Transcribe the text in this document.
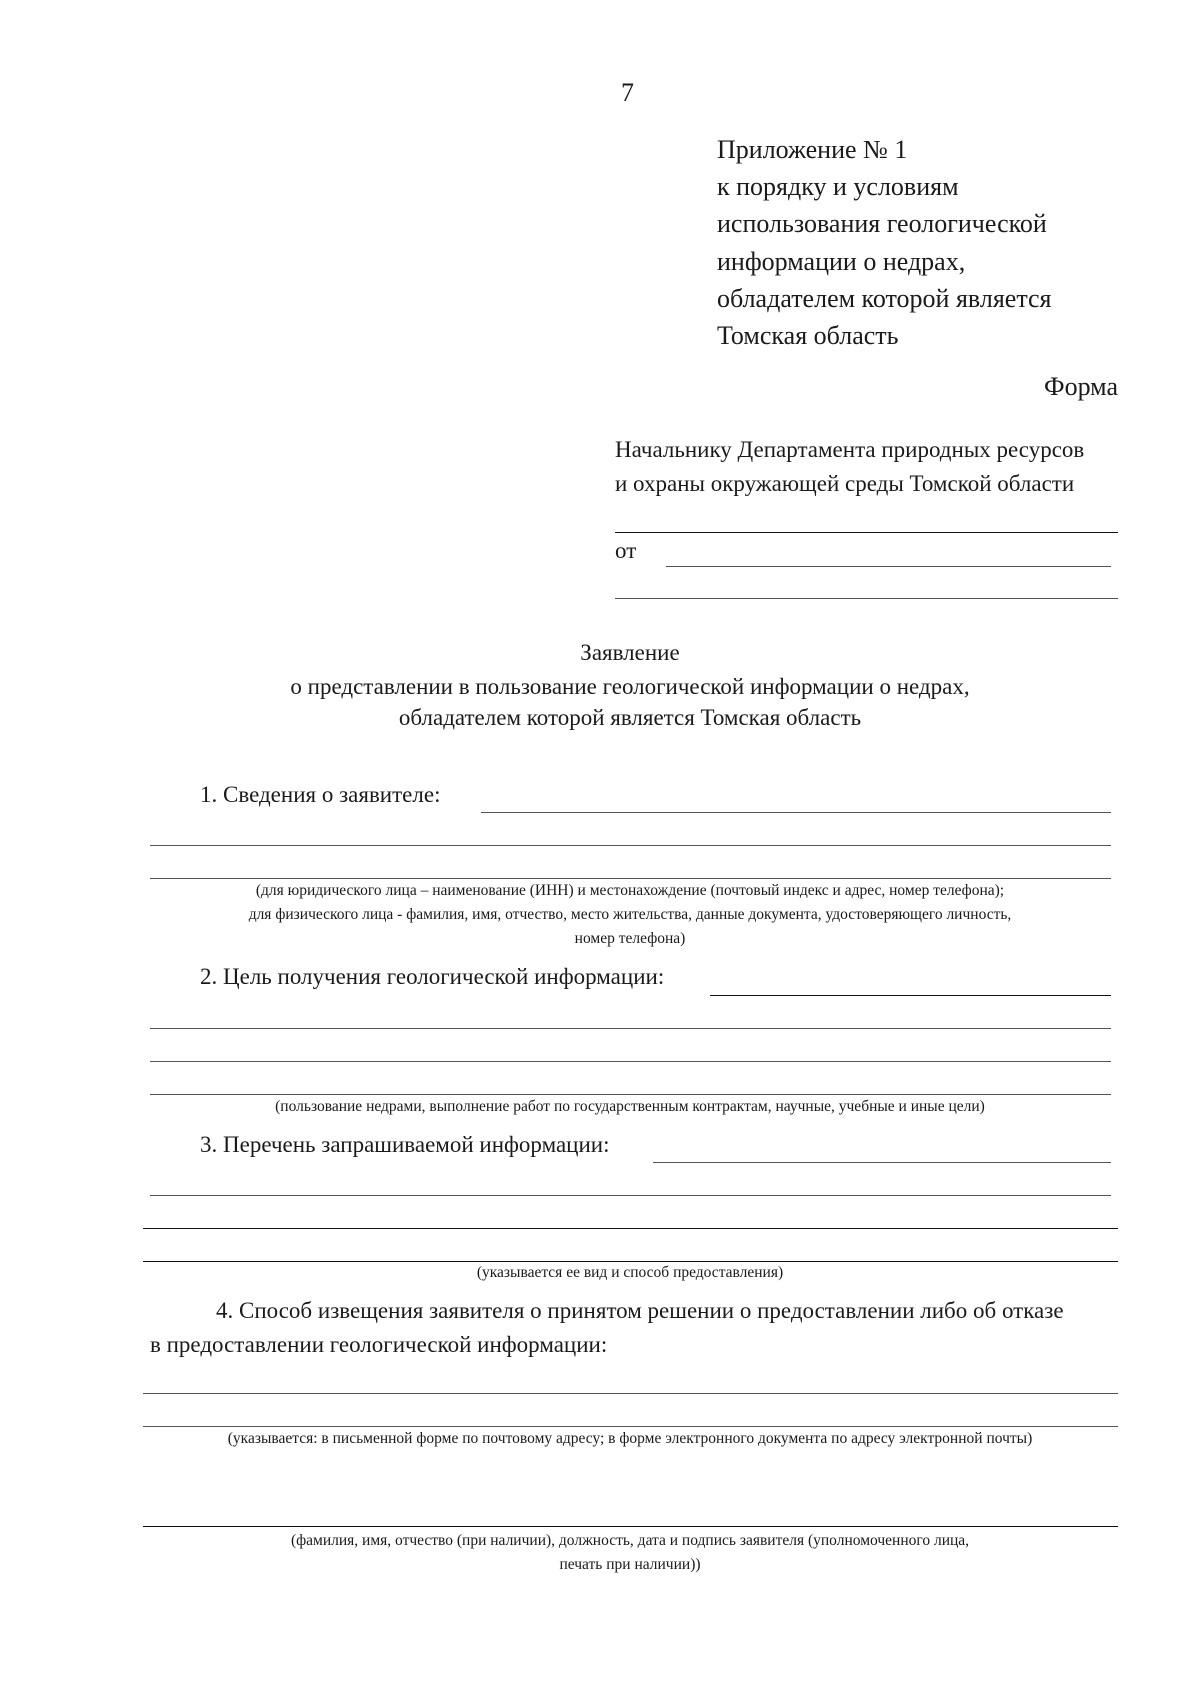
7
Приложение № 1
к порядку и условиям
использования геологической
информации о недрах,
обладателем которой является
Томская область
Форма
Начальнику Департамента природных ресурсов
и охраны окружающей среды Томской области
от
Заявление
о представлении в пользование геологической информации о недрах,
обладателем которой является Томская область
1. Сведения о заявителе:
(для юридического лица – наименование (ИНН) и местонахождение (почтовый индекс и адрес, номер телефона);
для физического лица - фамилия, имя, отчество, место жительства, данные документа, удостоверяющего личность,
номер телефона)
2. Цель получения геологической информации:
(пользование недрами, выполнение работ по государственным контрактам, научные, учебные и иные цели)
3. Перечень запрашиваемой информации:
(указывается ее вид и способ предоставления)
4. Способ извещения заявителя о принятом решении о предоставлении либо об отказе
в предоставлении геологической информации:
(указывается: в письменной форме по почтовому адресу; в форме электронного документа по адресу электронной почты)
(фамилия, имя, отчество (при наличии), должность, дата и подпись заявителя (уполномоченного лица,
печать при наличии))
